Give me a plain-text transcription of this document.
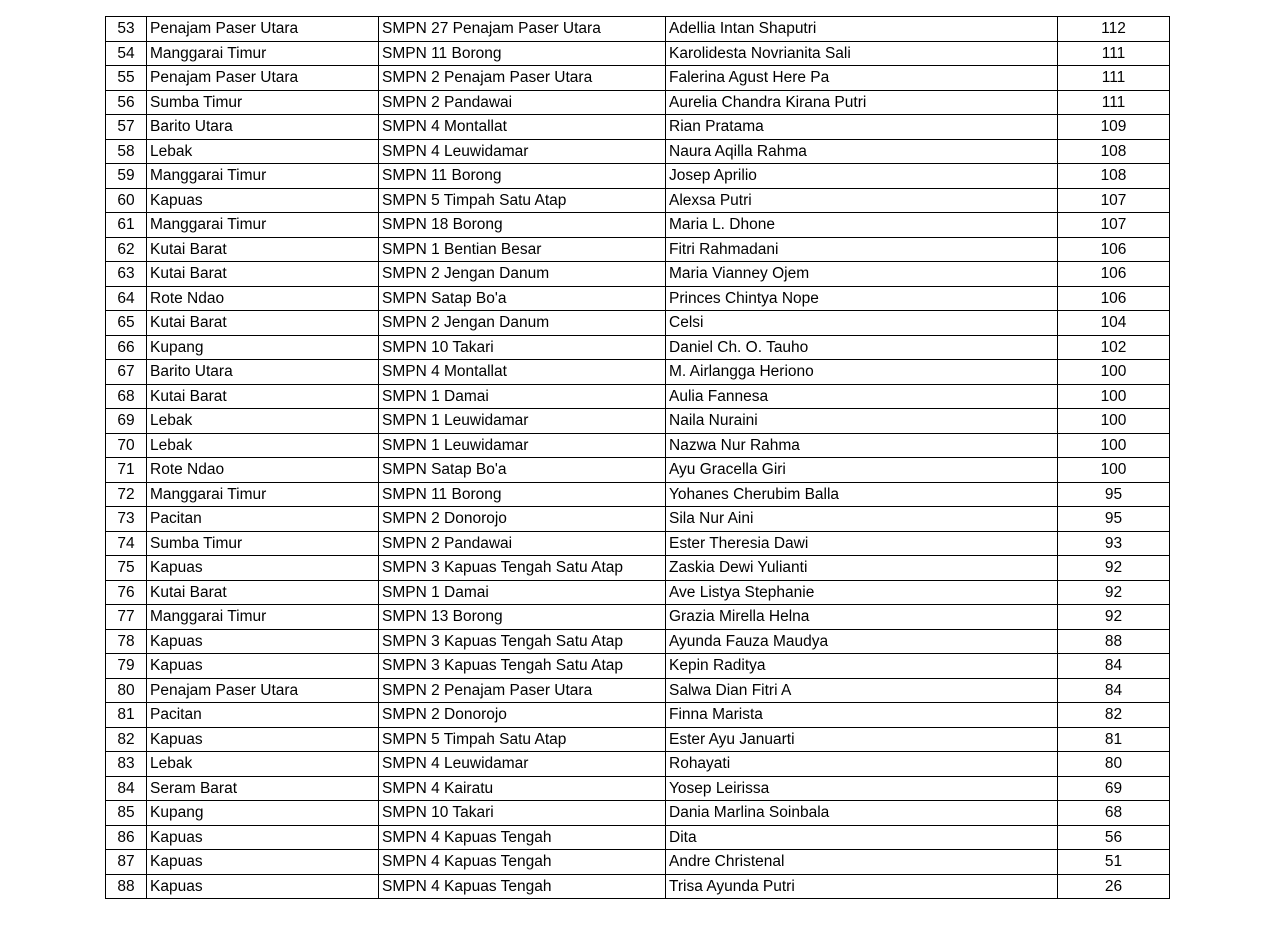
53	Penajam Paser Utara	SMPN 27 Penajam Paser Utara	Adellia Intan Shaputri	112
54	Manggarai Timur	SMPN 11 Borong	Karolidesta Novrianita Sali	111
55	Penajam Paser Utara	SMPN 2 Penajam Paser Utara	Falerina Agust Here Pa	111
56	Sumba Timur	SMPN 2 Pandawai	Aurelia Chandra Kirana Putri	111
57	Barito Utara	SMPN 4 Montallat	Rian Pratama	109
58	Lebak	SMPN 4 Leuwidamar	Naura Aqilla Rahma	108
59	Manggarai Timur	SMPN 11 Borong	Josep Aprilio	108
60	Kapuas	SMPN 5 Timpah Satu Atap	Alexsa Putri	107
61	Manggarai Timur	SMPN 18 Borong	Maria L. Dhone	107
62	Kutai Barat	SMPN 1 Bentian Besar	Fitri Rahmadani	106
63	Kutai Barat	SMPN 2 Jengan Danum	Maria Vianney Ojem	106
64	Rote Ndao	SMPN Satap Bo'a	Princes Chintya Nope	106
65	Kutai Barat	SMPN 2 Jengan Danum	Celsi	104
66	Kupang	SMPN 10 Takari	Daniel Ch. O. Tauho	102
67	Barito Utara	SMPN 4 Montallat	M. Airlangga Heriono	100
68	Kutai Barat	SMPN 1 Damai	Aulia Fannesa	100
69	Lebak	SMPN 1 Leuwidamar	Naila Nuraini	100
70	Lebak	SMPN 1 Leuwidamar	Nazwa Nur Rahma	100
71	Rote Ndao	SMPN Satap Bo'a	Ayu Gracella Giri	100
72	Manggarai Timur	SMPN 11 Borong	Yohanes Cherubim Balla	95
73	Pacitan	SMPN 2 Donorojo	Sila Nur Aini	95
74	Sumba Timur	SMPN 2 Pandawai	Ester Theresia Dawi	93
75	Kapuas	SMPN 3 Kapuas Tengah Satu Atap	Zaskia Dewi Yulianti	92
76	Kutai Barat	SMPN 1 Damai	Ave Listya Stephanie	92
77	Manggarai Timur	SMPN 13 Borong	Grazia Mirella Helna	92
78	Kapuas	SMPN 3 Kapuas Tengah Satu Atap	Ayunda Fauza Maudya	88
79	Kapuas	SMPN 3 Kapuas Tengah Satu Atap	Kepin Raditya	84
80	Penajam Paser Utara	SMPN 2 Penajam Paser Utara	Salwa Dian Fitri A	84
81	Pacitan	SMPN 2 Donorojo	Finna Marista	82
82	Kapuas	SMPN 5 Timpah Satu Atap	Ester Ayu Januarti	81
83	Lebak	SMPN 4 Leuwidamar	Rohayati	80
84	Seram Barat	SMPN 4 Kairatu	Yosep Leirissa	69
85	Kupang	SMPN 10 Takari	Dania Marlina Soinbala	68
86	Kapuas	SMPN 4 Kapuas Tengah	Dita	56
87	Kapuas	SMPN 4 Kapuas Tengah	Andre Christenal	51
88	Kapuas	SMPN 4 Kapuas Tengah	Trisa Ayunda Putri	26
